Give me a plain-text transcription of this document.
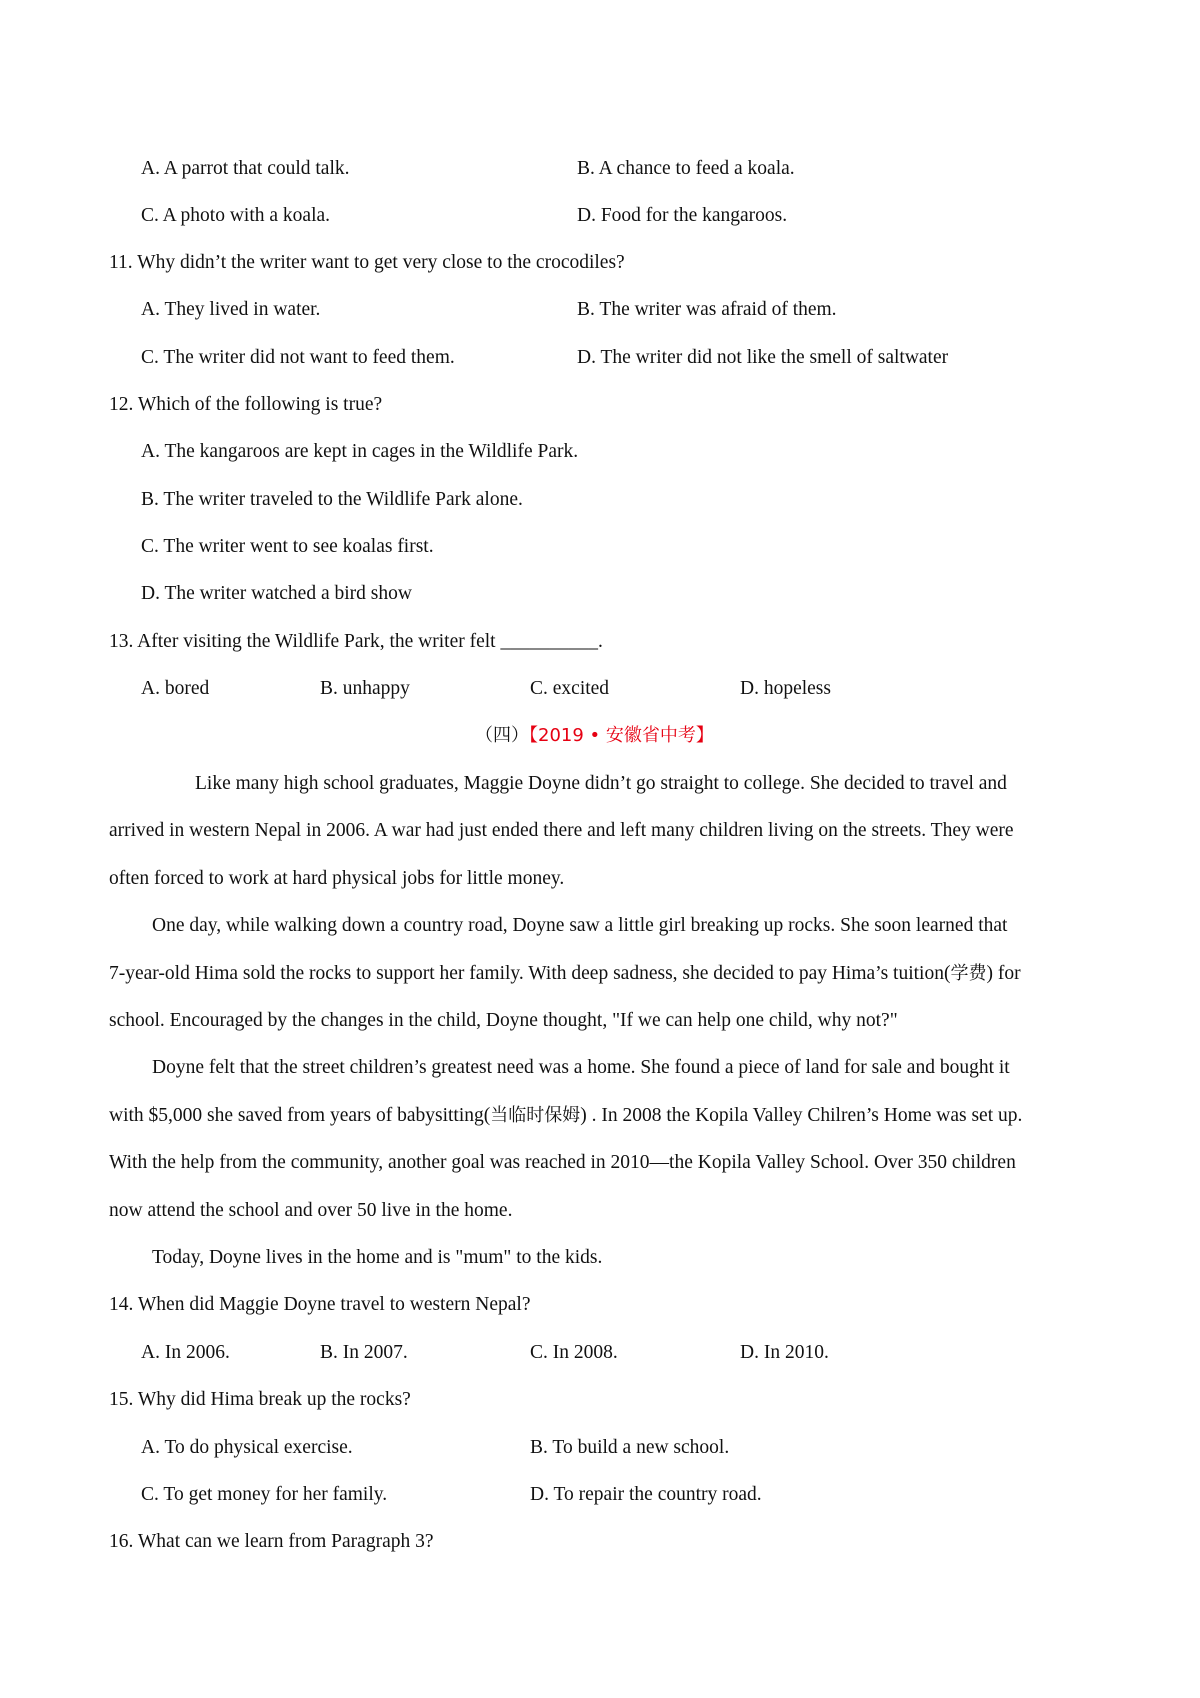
A. A parrot that could talk.	B. A chance to feed a koala.
C. A photo with a koala.	D. Food for the kangaroos.
11. Why didn’t the writer want to get very close to the crocodiles?
A. They lived in water.	B. The writer was afraid of them.
C. The writer did not want to feed them.	D. The writer did not like the smell of saltwater
12. Which of the following is true?
A. The kangaroos are kept in cages in the Wildlife Park.
B. The writer traveled to the Wildlife Park alone.
C. The writer went to see koalas first.
D. The writer watched a bird show
13. After visiting the Wildlife Park, the writer felt __________.
A. bored	B. unhappy	C. excited	D. hopeless
（四）【2019 • 安徽省中考】
Like many high school graduates, Maggie Doyne didn’t go straight to college. She decided to travel and
arrived in western Nepal in 2006. A war had just ended there and left many children living on the streets. They were
often forced to work at hard physical jobs for little money.
One day, while walking down a country road, Doyne saw a little girl breaking up rocks. She soon learned that
7-year-old Hima sold the rocks to support her family. With deep sadness, she decided to pay Hima’s tuition(学费) for
school. Encouraged by the changes in the child, Doyne thought, "If we can help one child, why not?"
Doyne felt that the street children’s greatest need was a home. She found a piece of land for sale and bought it
with $5,000 she saved from years of babysitting(当临时保姆) . In 2008 the Kopila Valley Chilren’s Home was set up.
With the help from the community, another goal was reached in 2010—the Kopila Valley School. Over 350 children
now attend the school and over 50 live in the home.
Today, Doyne lives in the home and is "mum" to the kids.
14. When did Maggie Doyne travel to western Nepal?
A. In 2006.	B. In 2007.	C. In 2008.	D. In 2010.
15. Why did Hima break up the rocks?
A. To do physical exercise.	B. To build a new school.
C. To get money for her family.	D. To repair the country road.
16. What can we learn from Paragraph 3?
